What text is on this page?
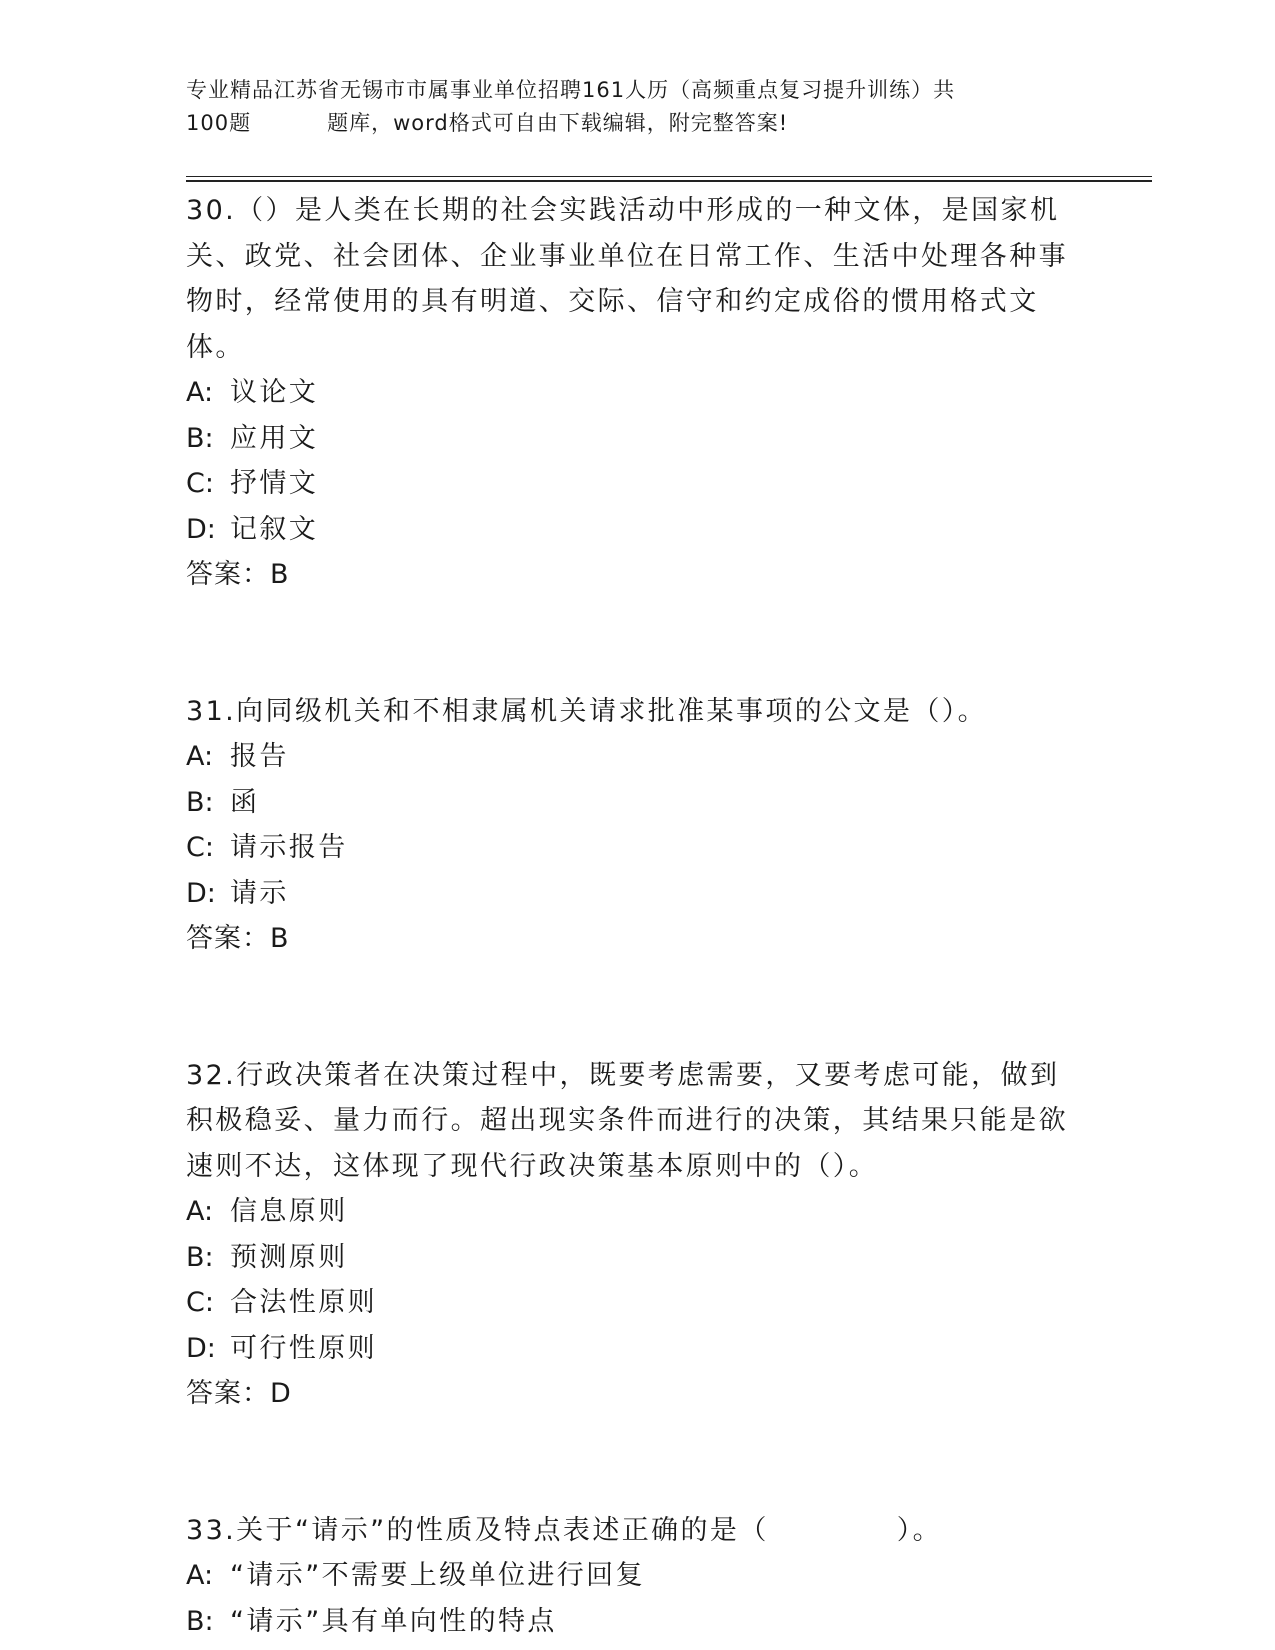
专业精品江苏省无锡市市属事业单位招聘161人历（高频重点复习提升训练）共
100题	题库，word格式可自由下载编辑，附完整答案!

30.（）是人类在长期的社会实践活动中形成的一种文体，是国家机关、政党、社会团体、企业事业单位在日常工作、生活中处理各种事物时，经常使用的具有明道、交际、信守和约定成俗的惯用格式文体。

A: 议论文
B: 应用文
C: 抒情文
D: 记叙文
答案：B

31.向同级机关和不相隶属机关请求批准某事项的公文是（）。

A: 报告
B: 函
C: 请示报告
D: 请示
答案：B

32.行政决策者在决策过程中，既要考虑需要，又要考虑可能，做到积极稳妥、量力而行。超出现实条件而进行的决策，其结果只能是欲速则不达，这体现了现代行政决策基本原则中的（）。

A: 信息原则
B: 预测原则
C: 合法性原则
D: 可行性原则
答案：D

33.关于“请示”的性质及特点表述正确的是（	）。

A: “请示”不需要上级单位进行回复
B: “请示”具有单向性的特点
